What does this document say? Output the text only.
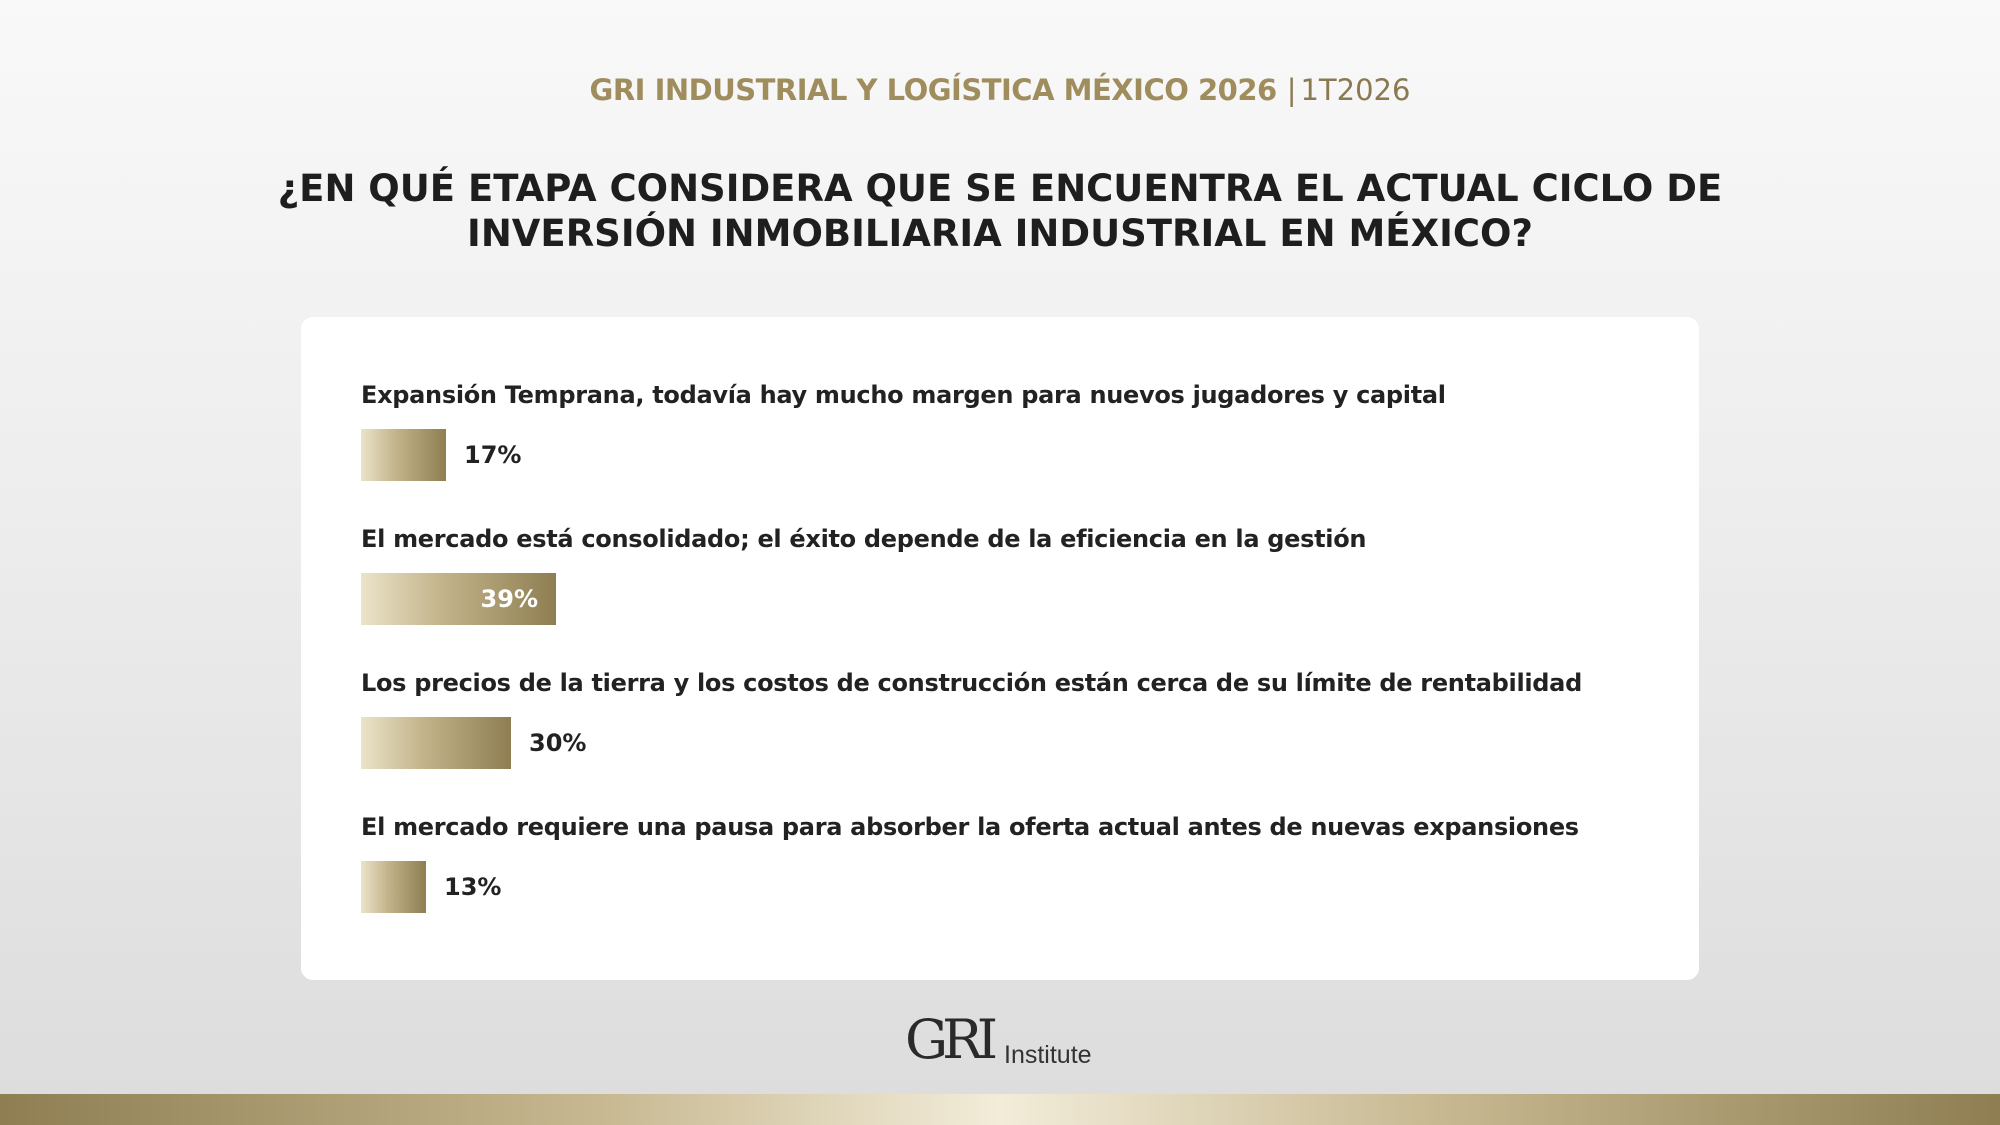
GRI INDUSTRIAL Y LOGÍSTICA MÉXICO 2026 | 1T2026
¿EN QUÉ ETAPA CONSIDERA QUE SE ENCUENTRA EL ACTUAL CICLO DE
INVERSIÓN INMOBILIARIA INDUSTRIAL EN MÉXICO?
Expansión Temprana, todavía hay mucho margen para nuevos jugadores y capital
17%
El mercado está consolidado; el éxito depende de la eficiencia en la gestión
39%
Los precios de la tierra y los costos de construcción están cerca de su límite de rentabilidad
30%
El mercado requiere una pausa para absorber la oferta actual antes de nuevas expansiones
13%
GRI Institute
